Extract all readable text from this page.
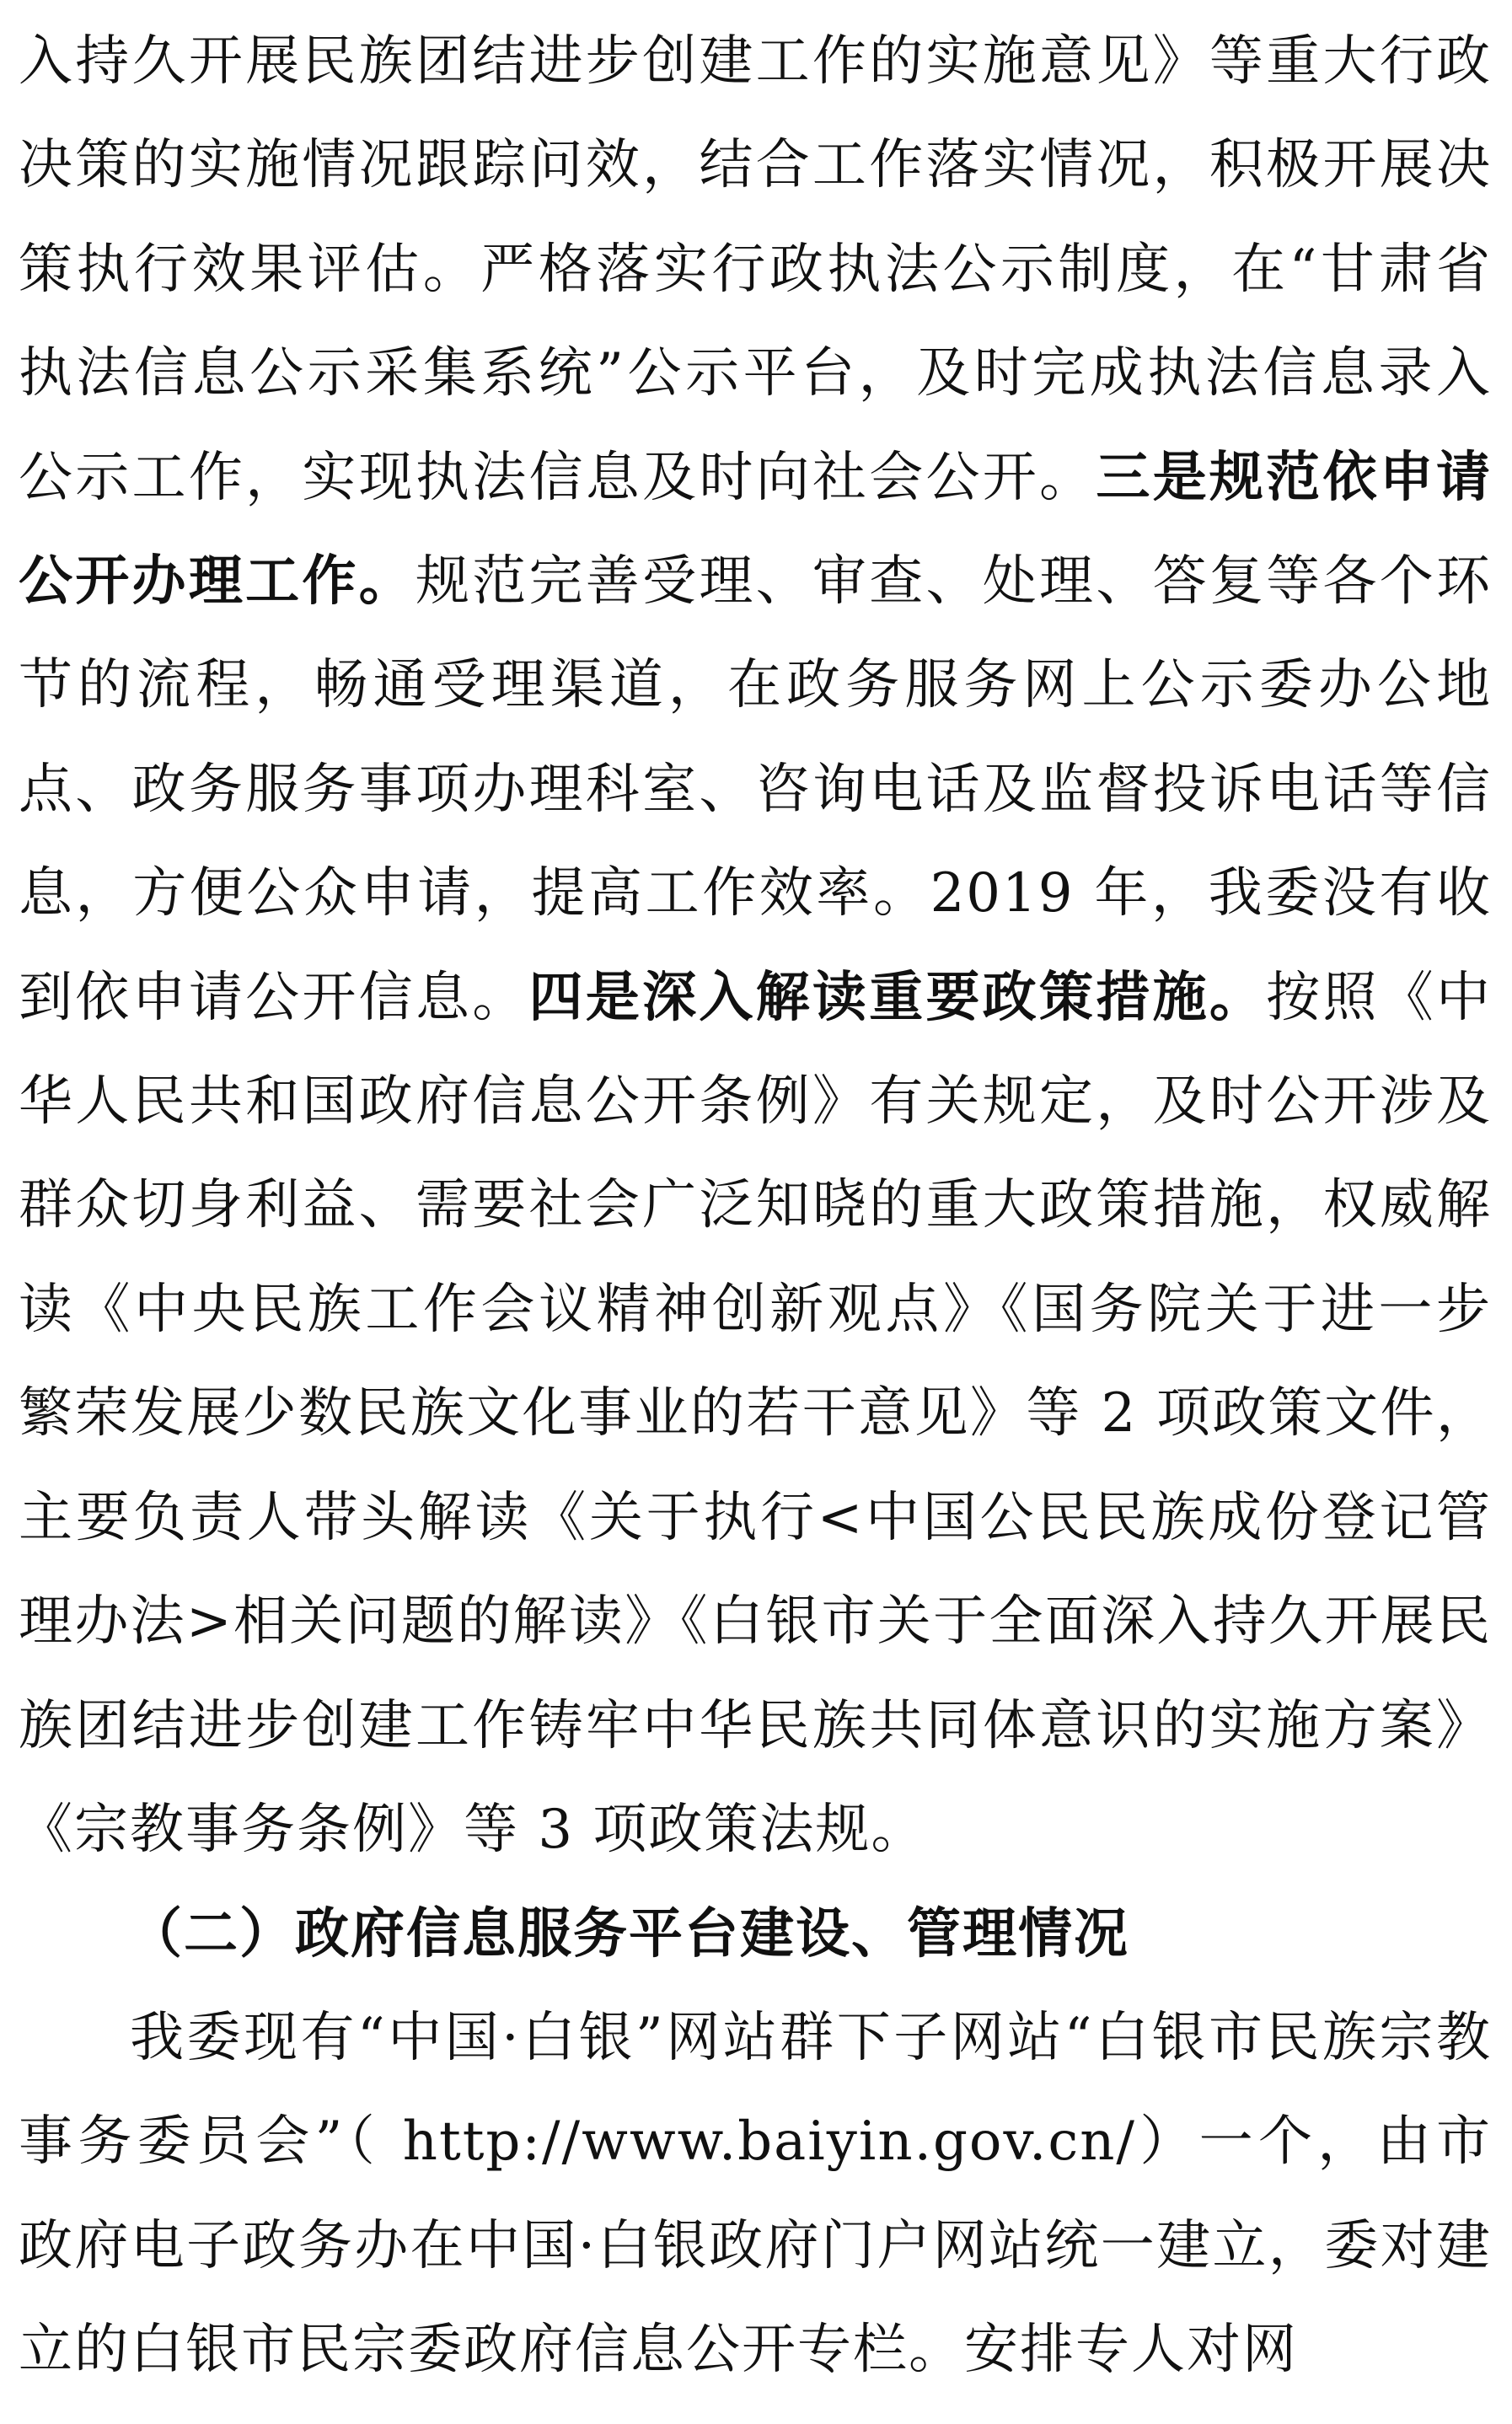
入持久开展民族团结进步创建工作的实施意见》等重大行政决策的实施情况跟踪问效，结合工作落实情况，积极开展决策执行效果评估。严格落实行政执法公示制度，在“甘肃省执法信息公示采集系统”公示平台，及时完成执法信息录入公示工作，实现执法信息及时向社会公开。三是规范依申请公开办理工作。规范完善受理、审查、处理、答复等各个环节的流程，畅通受理渠道，在政务服务网上公示委办公地点、政务服务事项办理科室、咨询电话及监督投诉电话等信息，方便公众申请，提高工作效率。2019 年，我委没有收到依申请公开信息。四是深入解读重要政策措施。按照《中华人民共和国政府信息公开条例》有关规定，及时公开涉及群众切身利益、需要社会广泛知晓的重大政策措施，权威解读《中央民族工作会议精神创新观点》《国务院关于进一步繁荣发展少数民族文化事业的若干意见》等 2 项政策文件，主要负责人带头解读《关于执行<中国公民民族成份登记管理办法>相关问题的解读》《白银市关于全面深入持久开展民族团结进步创建工作铸牢中华民族共同体意识的实施方案》《宗教事务条例》等 3 项政策法规。

（二）政府信息服务平台建设、管理情况

我委现有“中国·白银”网站群下子网站“白银市民族宗教事务委员会”（ http://www.baiyin.gov.cn/）一个，由市政府电子政务办在中国·白银政府门户网站统一建立，委对建立的白银市民宗委政府信息公开专栏。安排专人对网
